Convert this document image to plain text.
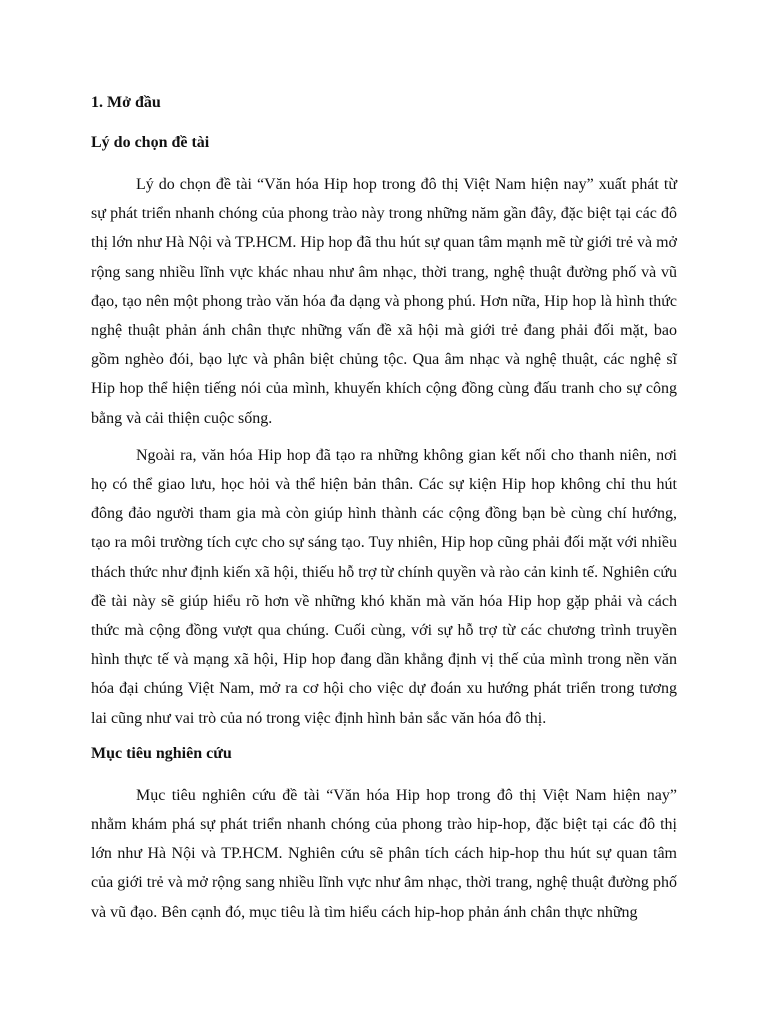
1. Mở đầu

Lý do chọn đề tài

Lý do chọn đề tài “Văn hóa Hip hop trong đô thị Việt Nam hiện nay” xuất phát từ sự phát triển nhanh chóng của phong trào này trong những năm gần đây, đặc biệt tại các đô thị lớn như Hà Nội và TP.HCM. Hip hop đã thu hút sự quan tâm mạnh mẽ từ giới trẻ và mở rộng sang nhiều lĩnh vực khác nhau như âm nhạc, thời trang, nghệ thuật đường phố và vũ đạo, tạo nên một phong trào văn hóa đa dạng và phong phú. Hơn nữa, Hip hop là hình thức nghệ thuật phản ánh chân thực những vấn đề xã hội mà giới trẻ đang phải đối mặt, bao gồm nghèo đói, bạo lực và phân biệt chủng tộc. Qua âm nhạc và nghệ thuật, các nghệ sĩ Hip hop thể hiện tiếng nói của mình, khuyến khích cộng đồng cùng đấu tranh cho sự công bằng và cải thiện cuộc sống.

Ngoài ra, văn hóa Hip hop đã tạo ra những không gian kết nối cho thanh niên, nơi họ có thể giao lưu, học hỏi và thể hiện bản thân. Các sự kiện Hip hop không chỉ thu hút đông đảo người tham gia mà còn giúp hình thành các cộng đồng bạn bè cùng chí hướng, tạo ra môi trường tích cực cho sự sáng tạo. Tuy nhiên, Hip hop cũng phải đối mặt với nhiều thách thức như định kiến xã hội, thiếu hỗ trợ từ chính quyền và rào cản kinh tế. Nghiên cứu đề tài này sẽ giúp hiểu rõ hơn về những khó khăn mà văn hóa Hip hop gặp phải và cách thức mà cộng đồng vượt qua chúng. Cuối cùng, với sự hỗ trợ từ các chương trình truyền hình thực tế và mạng xã hội, Hip hop đang dần khẳng định vị thế của mình trong nền văn hóa đại chúng Việt Nam, mở ra cơ hội cho việc dự đoán xu hướng phát triển trong tương lai cũng như vai trò của nó trong việc định hình bản sắc văn hóa đô thị.

Mục tiêu nghiên cứu

Mục tiêu nghiên cứu đề tài “Văn hóa Hip hop trong đô thị Việt Nam hiện nay” nhằm khám phá sự phát triển nhanh chóng của phong trào hip-hop, đặc biệt tại các đô thị lớn như Hà Nội và TP.HCM. Nghiên cứu sẽ phân tích cách hip-hop thu hút sự quan tâm của giới trẻ và mở rộng sang nhiều lĩnh vực như âm nhạc, thời trang, nghệ thuật đường phố và vũ đạo. Bên cạnh đó, mục tiêu là tìm hiểu cách hip-hop phản ánh chân thực những
